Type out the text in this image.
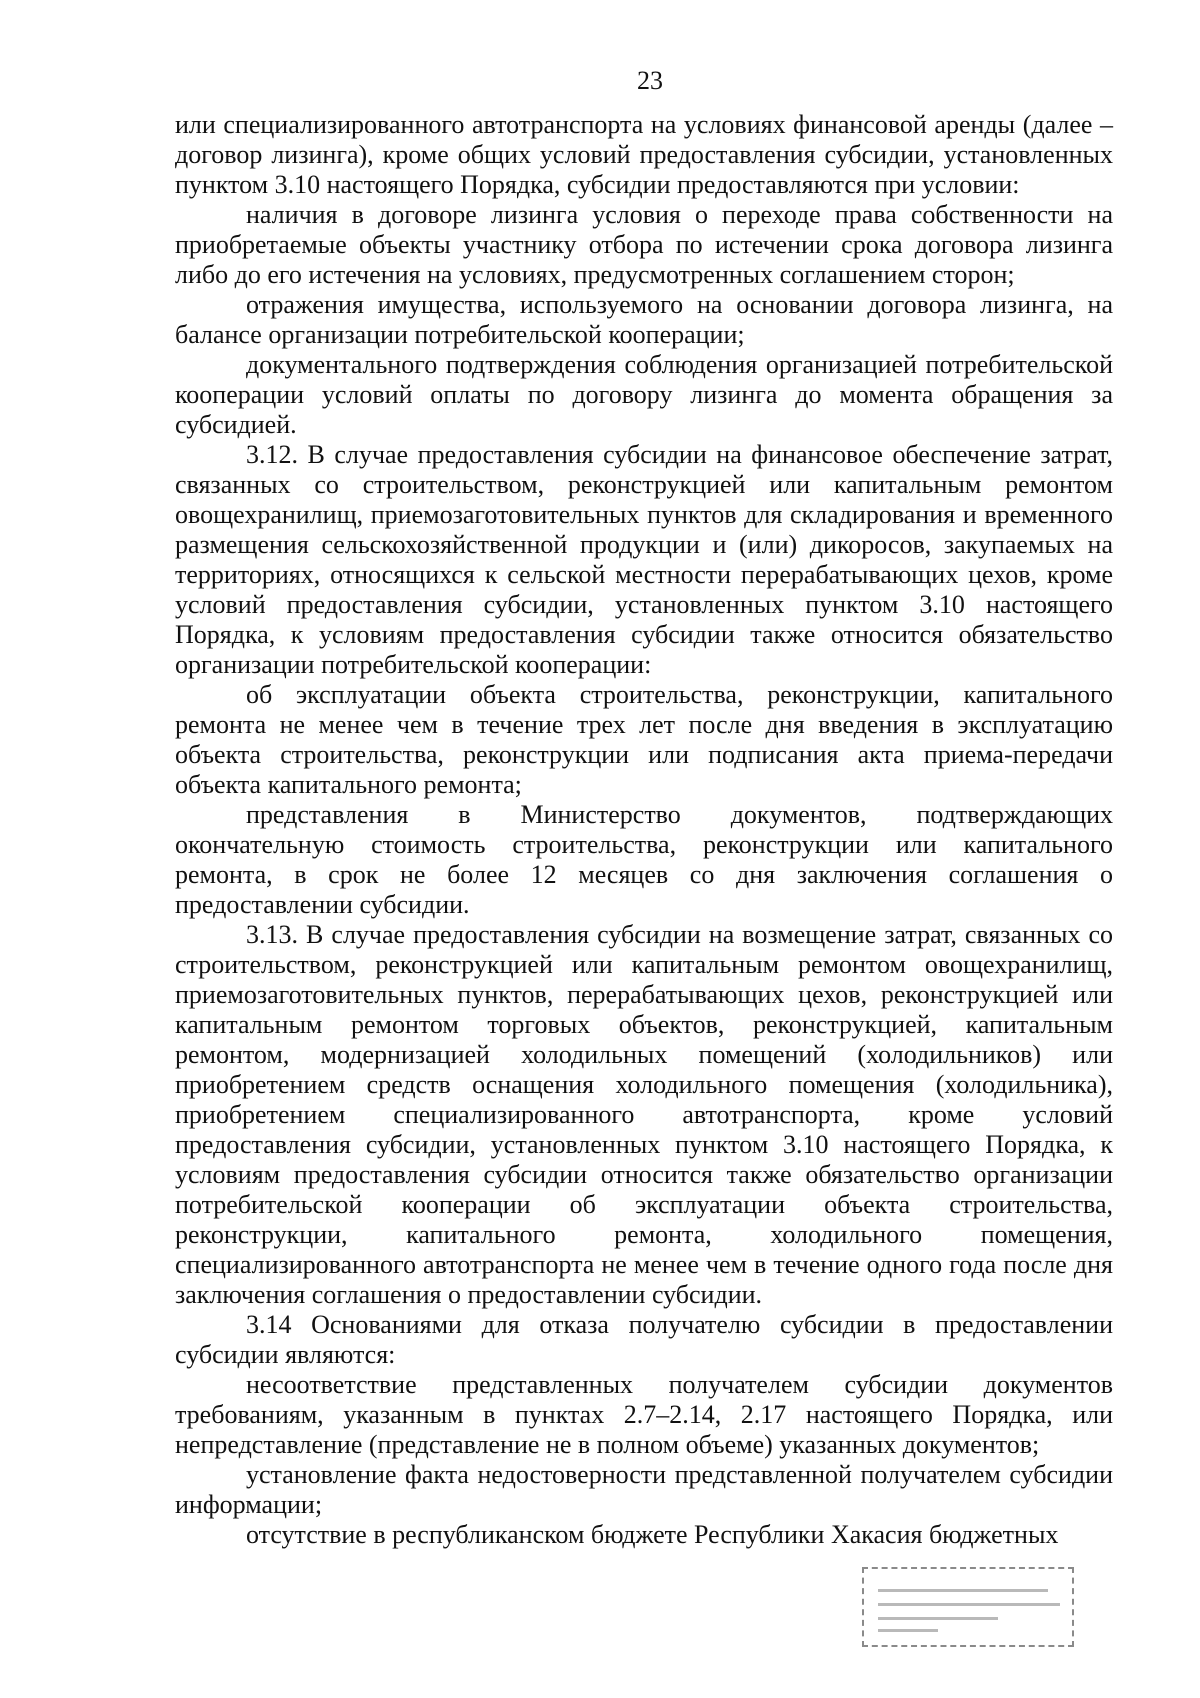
23

или специализированного автотранспорта на условиях финансовой аренды (далее – договор лизинга), кроме общих условий предоставления субсидии, установленных пунктом 3.10 настоящего Порядка, субсидии предоставляются при условии:

наличия в договоре лизинга условия о переходе права собственности на приобретаемые объекты участнику отбора по истечении срока договора лизинга либо до его истечения на условиях, предусмотренных соглашением сторон;

отражения имущества, используемого на основании договора лизинга, на балансе организации потребительской кооперации;

документального подтверждения соблюдения организацией потребительской кооперации условий оплаты по договору лизинга до момента обращения за субсидией.

3.12. В случае предоставления субсидии на финансовое обеспечение затрат, связанных со строительством, реконструкцией или капитальным ремонтом овощехранилищ, приемозаготовительных пунктов для складирования и временного размещения сельскохозяйственной продукции и (или) дикоросов, закупаемых на территориях, относящихся к сельской местности перерабатывающих цехов, кроме условий предоставления субсидии, установленных пунктом 3.10 настоящего Порядка, к условиям предоставления субсидии также относится обязательство организации потребительской кооперации:

об эксплуатации объекта строительства, реконструкции, капитального ремонта не менее чем в течение трех лет после дня введения в эксплуатацию объекта строительства, реконструкции или подписания акта приема-передачи объекта капитального ремонта;

представления в Министерство документов, подтверждающих окончательную стоимость строительства, реконструкции или капитального ремонта, в срок не более 12 месяцев со дня заключения соглашения о предоставлении субсидии.

3.13. В случае предоставления субсидии на возмещение затрат, связанных со строительством, реконструкцией или капитальным ремонтом овощехранилищ, приемозаготовительных пунктов, перерабатывающих цехов, реконструкцией или капитальным ремонтом торговых объектов, реконструкцией, капитальным ремонтом, модернизацией холодильных помещений (холодильников) или приобретением средств оснащения холодильного помещения (холодильника), приобретением специализированного автотранспорта, кроме условий предоставления субсидии, установленных пунктом 3.10 настоящего Порядка, к условиям предоставления субсидии относится также обязательство организации потребительской кооперации об эксплуатации объекта строительства, реконструкции, капитального ремонта, холодильного помещения, специализированного автотранспорта не менее чем в течение одного года после дня заключения соглашения о предоставлении субсидии.

3.14 Основаниями для отказа получателю субсидии в предоставлении субсидии являются:

несоответствие представленных получателем субсидии документов требованиям, указанным в пунктах 2.7–2.14, 2.17 настоящего Порядка, или непредставление (представление не в полном объеме) указанных документов;

установление факта недостоверности представленной получателем субсидии информации;

отсутствие в республиканском бюджете Республики Хакасия бюджетных
